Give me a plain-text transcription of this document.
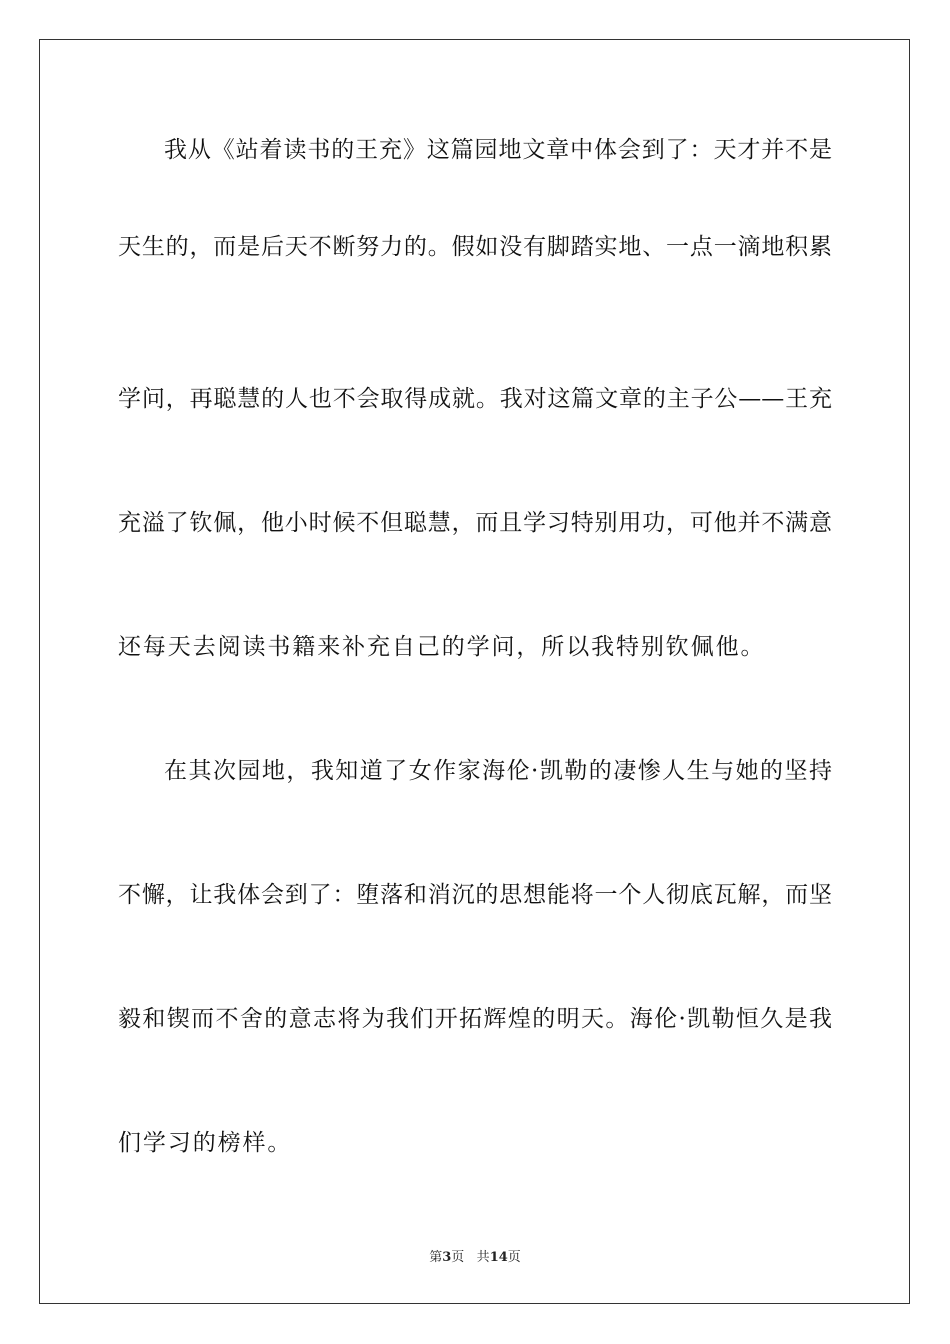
我从《站着读书的王充》这篇园地文章中体会到了：天才并不是
天生的，而是后天不断努力的。假如没有脚踏实地、一点一滴地积累
学问，再聪慧的人也不会取得成就。我对这篇文章的主子公——王充
充溢了钦佩，他小时候不但聪慧，而且学习特别用功，可他并不满意
还每天去阅读书籍来补充自己的学问，所以我特别钦佩他。
在其次园地，我知道了女作家海伦·凯勒的凄惨人生与她的坚持
不懈，让我体会到了：堕落和消沉的思想能将一个人彻底瓦解，而坚
毅和锲而不舍的意志将为我们开拓辉煌的明天。海伦·凯勒恒久是我
们学习的榜样。
第3页 共14页
